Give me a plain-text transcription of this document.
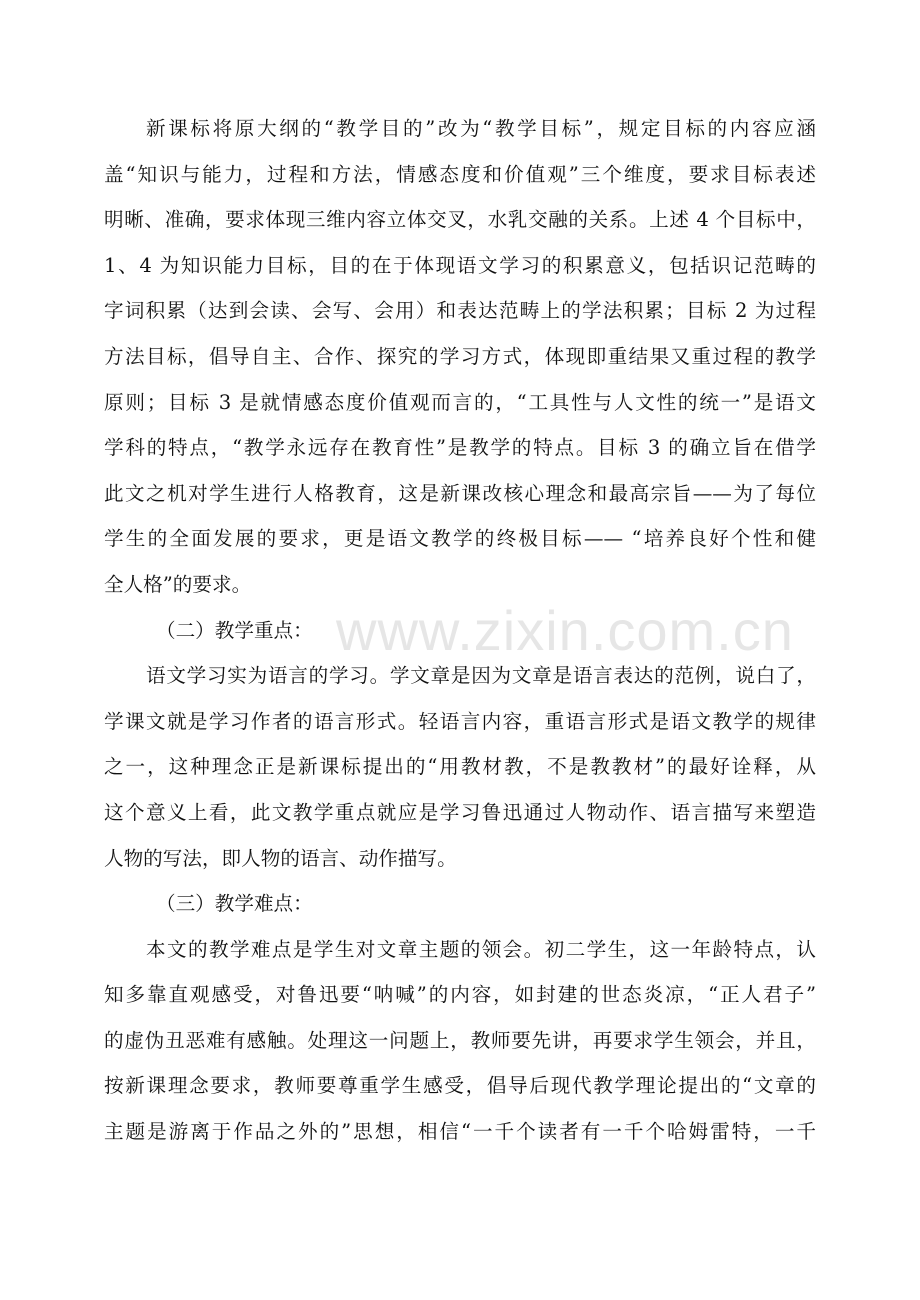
www.zixin.com.cn
新课标将原大纲的“教学目的”改为“教学目标”，规定目标的内容应涵
盖“知识与能力，过程和方法，情感态度和价值观”三个维度，要求目标表述
明晰、准确，要求体现三维内容立体交叉，水乳交融的关系。上述 4 个目标中，
1、4 为知识能力目标，目的在于体现语文学习的积累意义，包括识记范畴的
字词积累（达到会读、会写、会用）和表达范畴上的学法积累；目标 2 为过程
方法目标，倡导自主、合作、探究的学习方式，体现即重结果又重过程的教学
原则；目标 3 是就情感态度价值观而言的，“工具性与人文性的统一”是语文
学科的特点，“教学永远存在教育性”是教学的特点。目标 3 的确立旨在借学
此文之机对学生进行人格教育，这是新课改核心理念和最高宗旨——为了每位
学生的全面发展的要求，更是语文教学的终极目标—— “培养良好个性和健
全人格”的要求。
（二）教学重点：
语文学习实为语言的学习。学文章是因为文章是语言表达的范例，说白了，
学课文就是学习作者的语言形式。轻语言内容，重语言形式是语文教学的规律
之一，这种理念正是新课标提出的“用教材教，不是教教材”的最好诠释，从
这个意义上看，此文教学重点就应是学习鲁迅通过人物动作、语言描写来塑造
人物的写法，即人物的语言、动作描写。
（三）教学难点：
本文的教学难点是学生对文章主题的领会。初二学生，这一年龄特点，认
知多靠直观感受，对鲁迅要“呐喊”的内容，如封建的世态炎凉，“正人君子”
的虚伪丑恶难有感触。处理这一问题上，教师要先讲，再要求学生领会，并且，
按新课理念要求，教师要尊重学生感受，倡导后现代教学理论提出的“文章的
主题是游离于作品之外的”思想，相信“一千个读者有一千个哈姆雷特，一千
